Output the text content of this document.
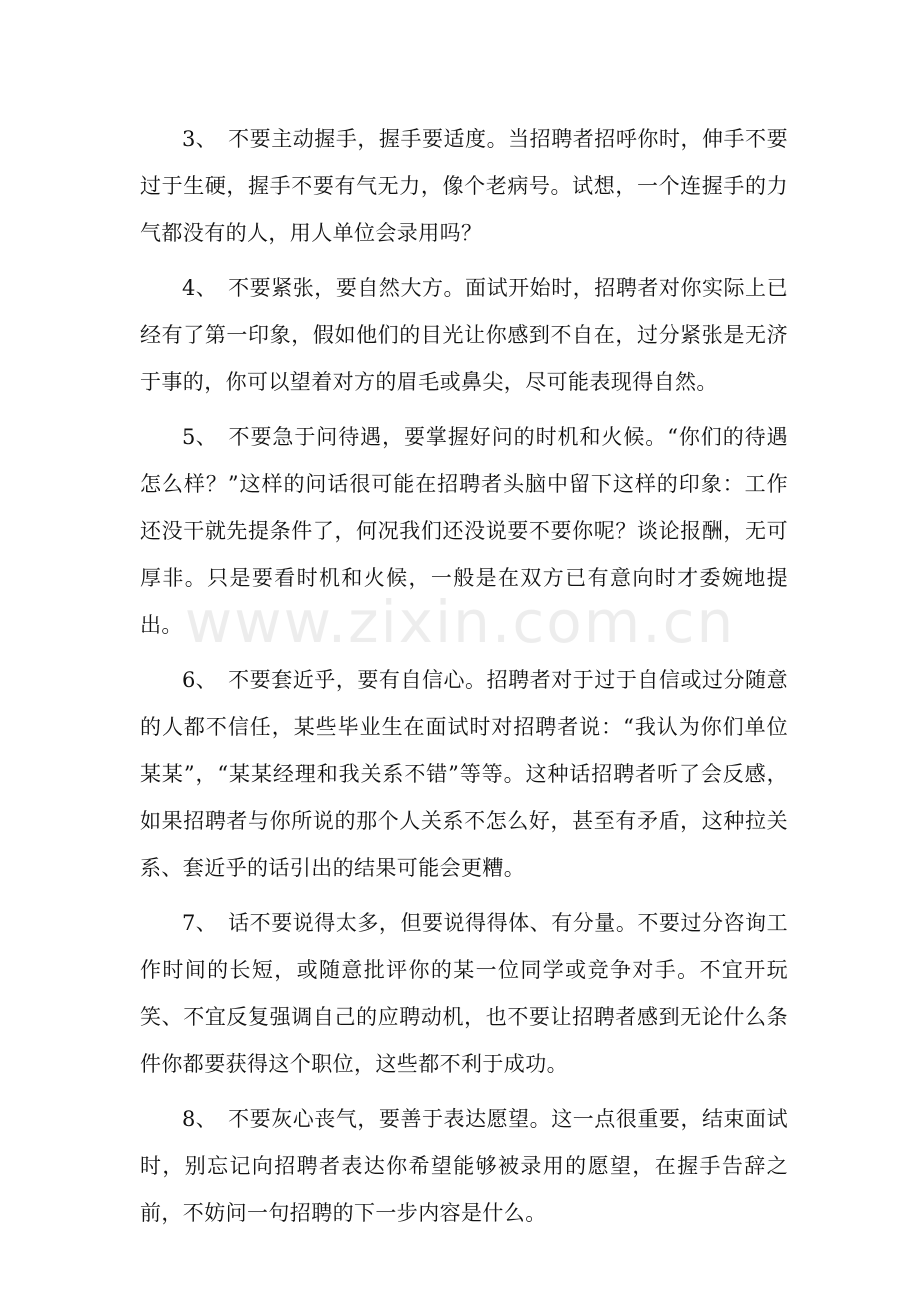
3、 不要主动握手，握手要适度。当招聘者招呼你时，伸手不要过于生硬，握手不要有气无力，像个老病号。试想，一个连握手的力气都没有的人，用人单位会录用吗？

4、 不要紧张，要自然大方。面试开始时，招聘者对你实际上已经有了第一印象，假如他们的目光让你感到不自在，过分紧张是无济于事的，你可以望着对方的眉毛或鼻尖，尽可能表现得自然。

5、 不要急于问待遇，要掌握好问的时机和火候。“你们的待遇怎么样？”这样的问话很可能在招聘者头脑中留下这样的印象：工作还没干就先提条件了，何况我们还没说要不要你呢？谈论报酬，无可厚非。只是要看时机和火候，一般是在双方已有意向时才委婉地提出。

6、 不要套近乎，要有自信心。招聘者对于过于自信或过分随意的人都不信任，某些毕业生在面试时对招聘者说：“我认为你们单位某某”，“某某经理和我关系不错”等等。这种话招聘者听了会反感，如果招聘者与你所说的那个人关系不怎么好，甚至有矛盾，这种拉关系、套近乎的话引出的结果可能会更糟。

7、 话不要说得太多，但要说得得体、有分量。不要过分咨询工作时间的长短，或随意批评你的某一位同学或竞争对手。不宜开玩笑、不宜反复强调自己的应聘动机，也不要让招聘者感到无论什么条件你都要获得这个职位，这些都不利于成功。

8、 不要灰心丧气，要善于表达愿望。这一点很重要，结束面试时，别忘记向招聘者表达你希望能够被录用的愿望，在握手告辞之前，不妨问一句招聘的下一步内容是什么。

www.zixin.com.cn
